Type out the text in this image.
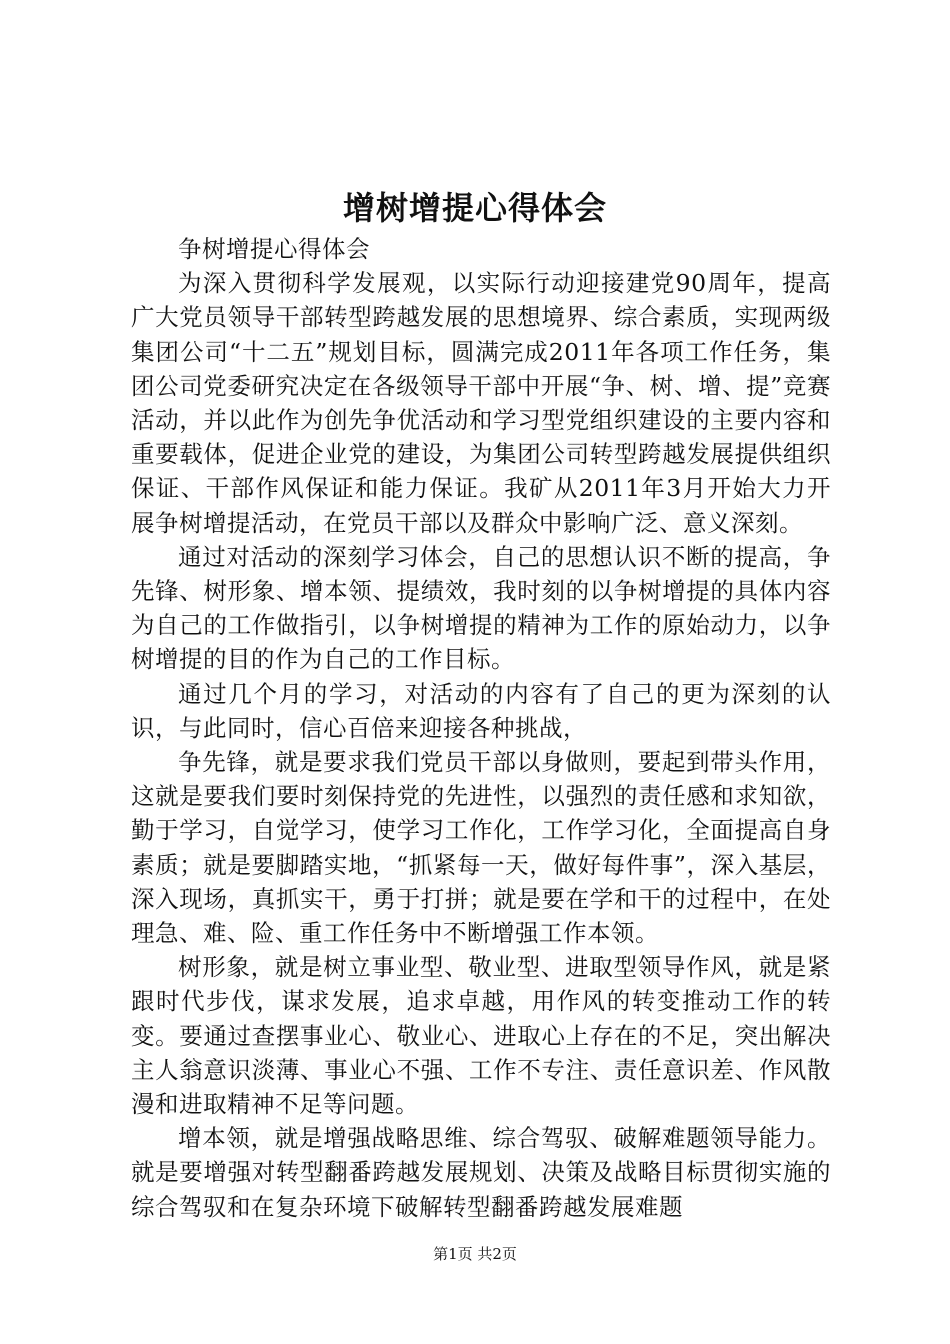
增树增提心得体会

争树增提心得体会

为深入贯彻科学发展观，以实际行动迎接建党90周年，提高广大党员领导干部转型跨越发展的思想境界、综合素质，实现两级集团公司“十二五”规划目标，圆满完成2011年各项工作任务，集团公司党委研究决定在各级领导干部中开展“争、树、增、提”竞赛活动，并以此作为创先争优活动和学习型党组织建设的主要内容和重要载体，促进企业党的建设，为集团公司转型跨越发展提供组织保证、干部作风保证和能力保证。我矿从2011年3月开始大力开展争树增提活动，在党员干部以及群众中影响广泛、意义深刻。

通过对活动的深刻学习体会，自己的思想认识不断的提高，争先锋、树形象、增本领、提绩效，我时刻的以争树增提的具体内容为自己的工作做指引，以争树增提的精神为工作的原始动力，以争树增提的目的作为自己的工作目标。

通过几个月的学习，对活动的内容有了自己的更为深刻的认识，与此同时，信心百倍来迎接各种挑战，

争先锋，就是要求我们党员干部以身做则，要起到带头作用，这就是要我们要时刻保持党的先进性，以强烈的责任感和求知欲，勤于学习，自觉学习，使学习工作化，工作学习化，全面提高自身素质；就是要脚踏实地，“抓紧每一天，做好每件事”，深入基层，深入现场，真抓实干，勇于打拼；就是要在学和干的过程中，在处理急、难、险、重工作任务中不断增强工作本领。

树形象，就是树立事业型、敬业型、进取型领导作风，就是紧跟时代步伐，谋求发展，追求卓越，用作风的转变推动工作的转变。要通过查摆事业心、敬业心、进取心上存在的不足，突出解决主人翁意识淡薄、事业心不强、工作不专注、责任意识差、作风散漫和进取精神不足等问题。

增本领，就是增强战略思维、综合驾驭、破解难题领导能力。就是要增强对转型翻番跨越发展规划、决策及战略目标贯彻实施的综合驾驭和在复杂环境下破解转型翻番跨越发展难题

第1页 共2页
